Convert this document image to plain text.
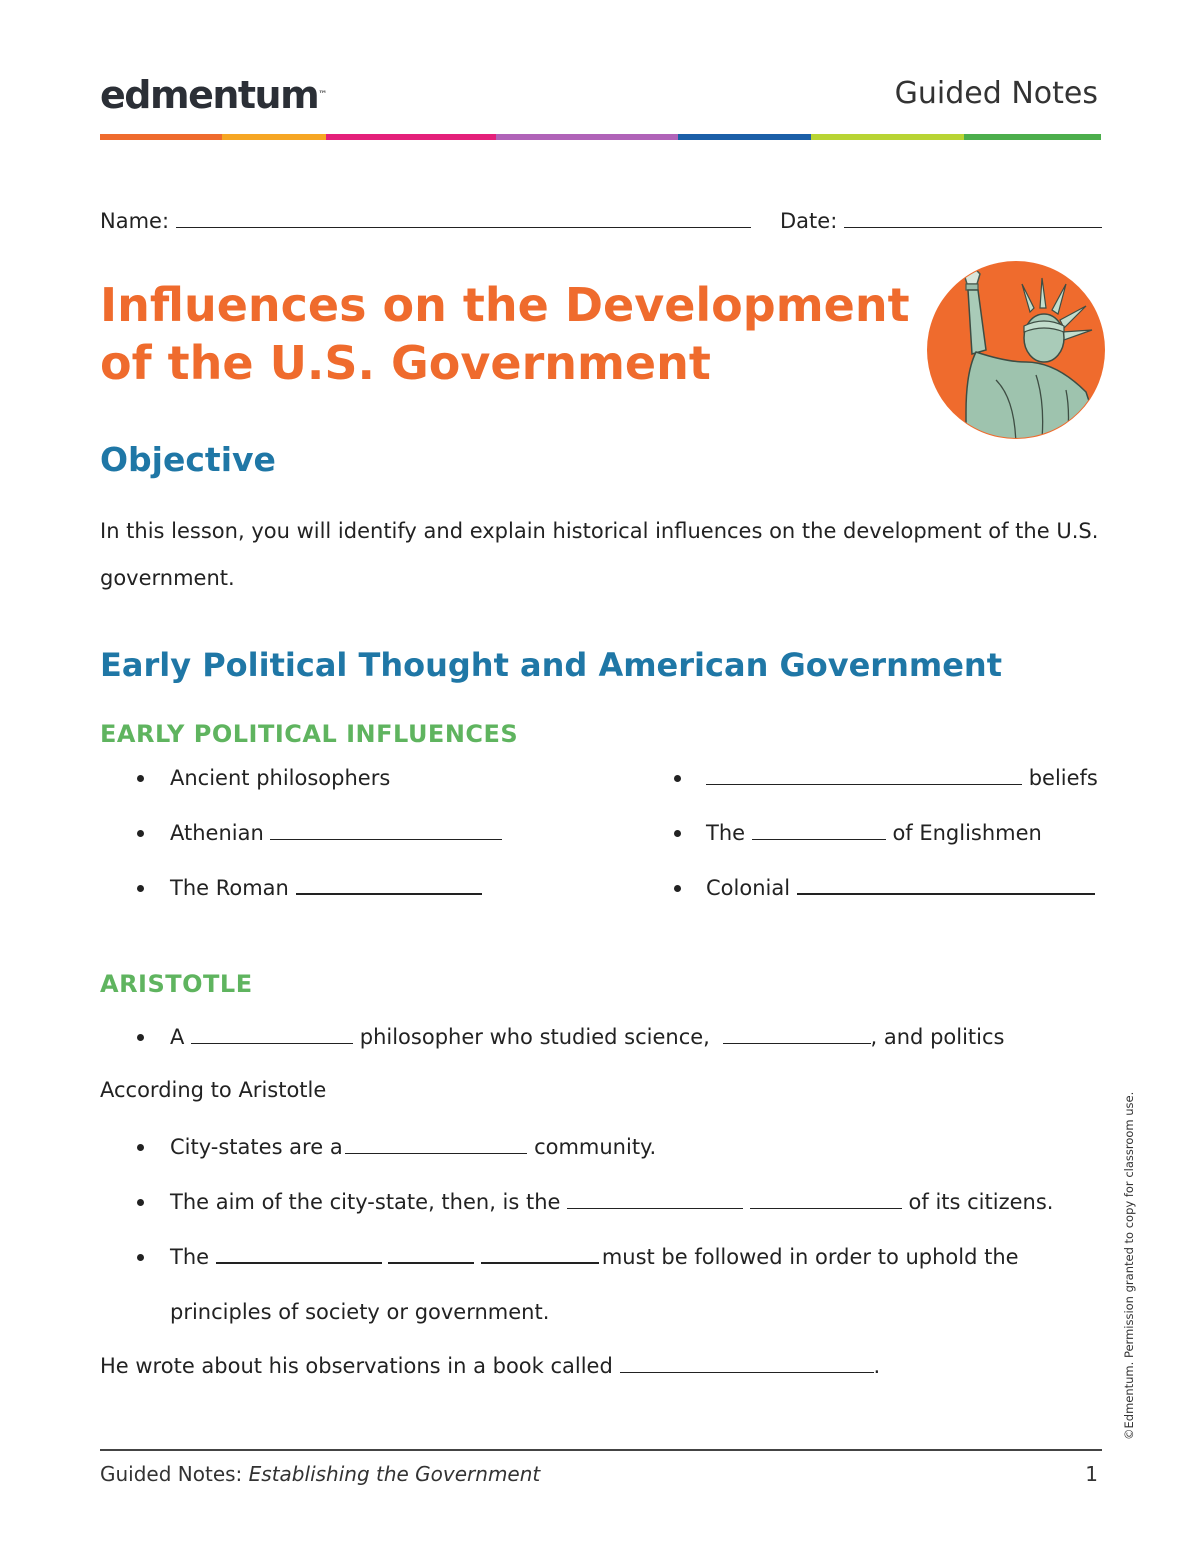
edmentum™	Guided Notes
Name:	Date:
Influences on the Development
of the U.S. Government
Objective
In this lesson, you will identify and explain historical influences on the development of the U.S. government.
Early Political Thought and American Government
EARLY POLITICAL INFLUENCES
Ancient philosophers
Athenian
The Roman
beliefs
The	of Englishmen
Colonial
ARISTOTLE
A	philosopher who studied science,	, and politics
According to Aristotle
City-states are a	community.
The aim of the city-state, then, is the	of its citizens.
The	must be followed in order to uphold the
principles of society or government.
He wrote about his observations in a book called	.	©Edmentum. Permission granted to copy for classroom use.
Guided Notes: Establishing the Government	1
